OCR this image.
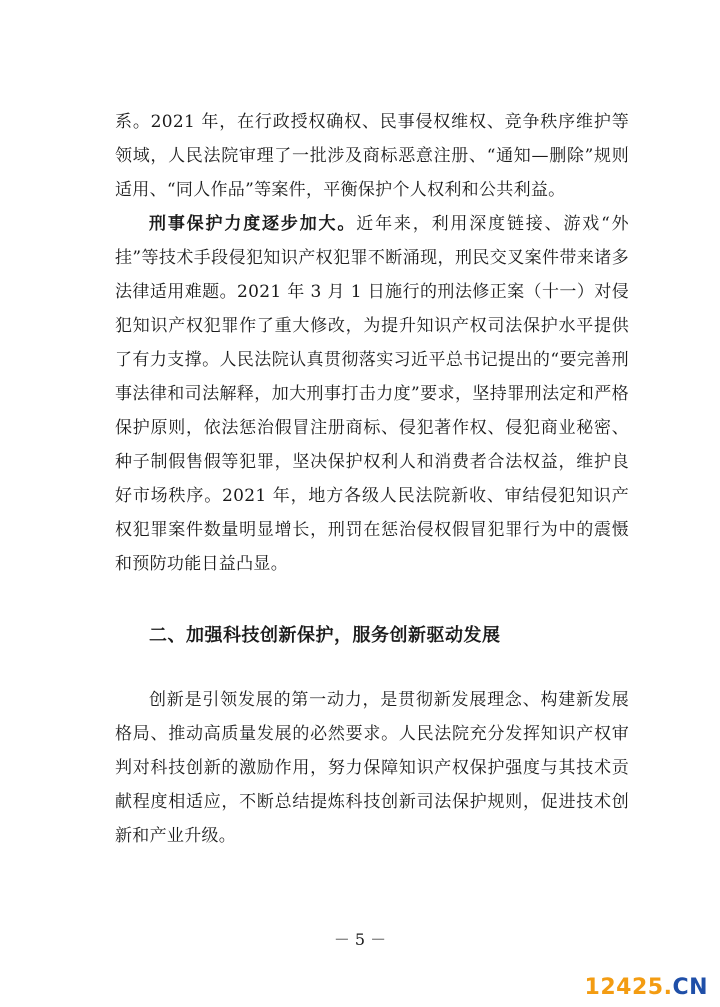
系。2021 年，在行政授权确权、民事侵权维权、竞争秩序维护等领域，人民法院审理了一批涉及商标恶意注册、“通知—删除”规则适用、“同人作品”等案件，平衡保护个人权利和公共利益。

刑事保护力度逐步加大。近年来，利用深度链接、游戏“外挂”等技术手段侵犯知识产权犯罪不断涌现，刑民交叉案件带来诸多法律适用难题。2021 年 3 月 1 日施行的刑法修正案（十一）对侵犯知识产权犯罪作了重大修改，为提升知识产权司法保护水平提供了有力支撑。人民法院认真贯彻落实习近平总书记提出的“要完善刑事法律和司法解释，加大刑事打击力度”要求，坚持罪刑法定和严格保护原则，依法惩治假冒注册商标、侵犯著作权、侵犯商业秘密、种子制假售假等犯罪，坚决保护权利人和消费者合法权益，维护良好市场秩序。2021 年，地方各级人民法院新收、审结侵犯知识产权犯罪案件数量明显增长，刑罚在惩治侵权假冒犯罪行为中的震慑和预防功能日益凸显。

二、加强科技创新保护，服务创新驱动发展

创新是引领发展的第一动力，是贯彻新发展理念、构建新发展格局、推动高质量发展的必然要求。人民法院充分发挥知识产权审判对科技创新的激励作用，努力保障知识产权保护强度与其技术贡献程度相适应，不断总结提炼科技创新司法保护规则，促进技术创新和产业升级。

－ 5 －
12425.CN
